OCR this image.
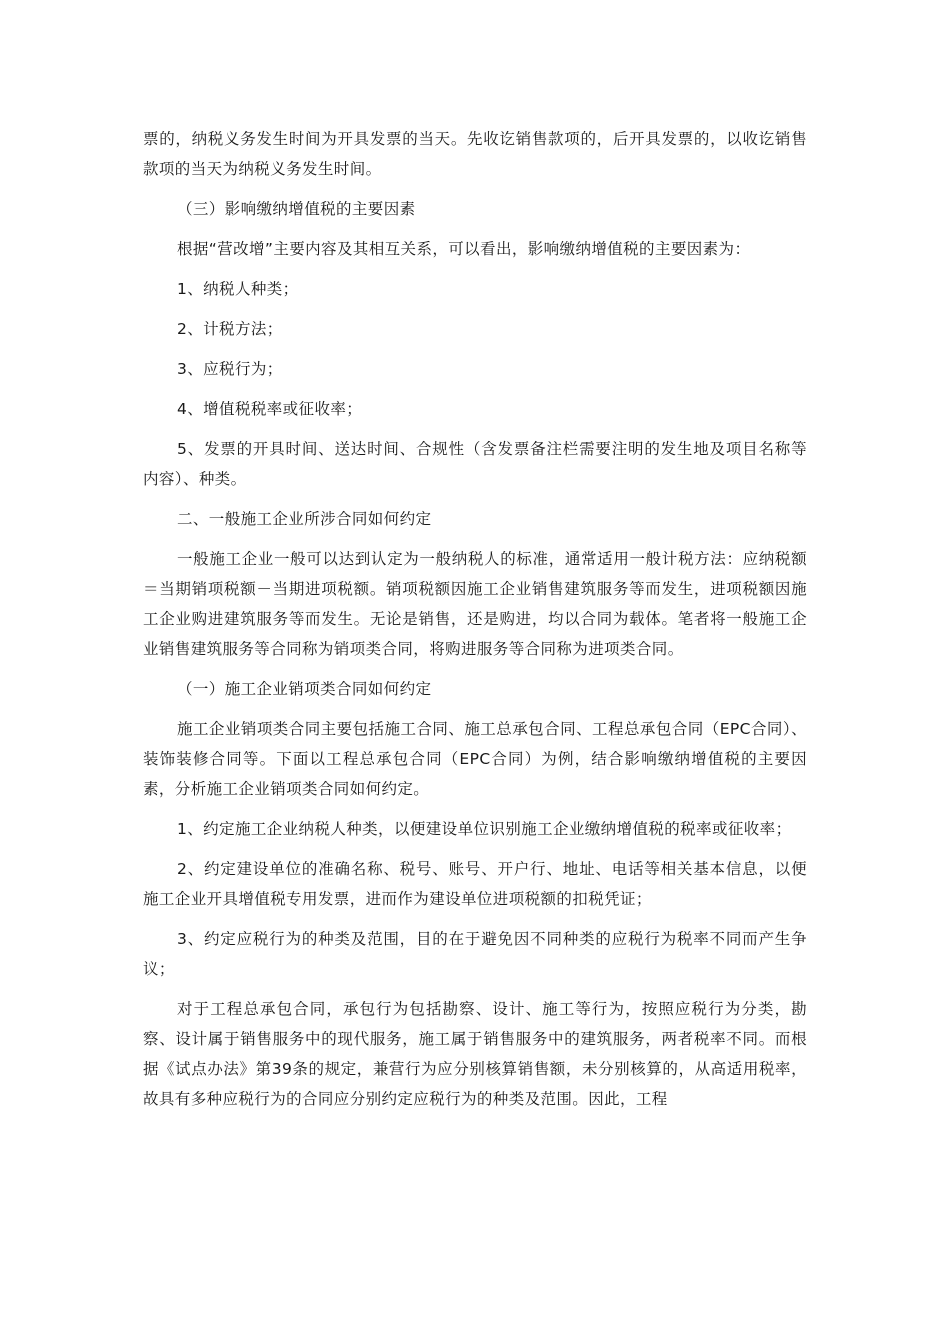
票的，纳税义务发生时间为开具发票的当天。先收讫销售款项的，后开具发票的，以收讫销售款项的当天为纳税义务发生时间。

（三）影响缴纳增值税的主要因素

根据“营改增”主要内容及其相互关系，可以看出，影响缴纳增值税的主要因素为：

1、纳税人种类；

2、计税方法；

3、应税行为；

4、增值税税率或征收率；

5、发票的开具时间、送达时间、合规性（含发票备注栏需要注明的发生地及项目名称等内容）、种类。

二、一般施工企业所涉合同如何约定

一般施工企业一般可以达到认定为一般纳税人的标准，通常适用一般计税方法：应纳税额＝当期销项税额－当期进项税额。销项税额因施工企业销售建筑服务等而发生，进项税额因施工企业购进建筑服务等而发生。无论是销售，还是购进，均以合同为载体。笔者将一般施工企业销售建筑服务等合同称为销项类合同，将购进服务等合同称为进项类合同。

（一）施工企业销项类合同如何约定

施工企业销项类合同主要包括施工合同、施工总承包合同、工程总承包合同（EPC合同）、装饰装修合同等。下面以工程总承包合同（EPC合同）为例，结合影响缴纳增值税的主要因素，分析施工企业销项类合同如何约定。

1、约定施工企业纳税人种类，以便建设单位识别施工企业缴纳增值税的税率或征收率；

2、约定建设单位的准确名称、税号、账号、开户行、地址、电话等相关基本信息，以便施工企业开具增值税专用发票，进而作为建设单位进项税额的扣税凭证；

3、约定应税行为的种类及范围，目的在于避免因不同种类的应税行为税率不同而产生争议；

对于工程总承包合同，承包行为包括勘察、设计、施工等行为，按照应税行为分类，勘察、设计属于销售服务中的现代服务，施工属于销售服务中的建筑服务，两者税率不同。而根据《试点办法》第39条的规定，兼营行为应分别核算销售额，未分别核算的，从高适用税率，故具有多种应税行为的合同应分别约定应税行为的种类及范围。因此，工程
